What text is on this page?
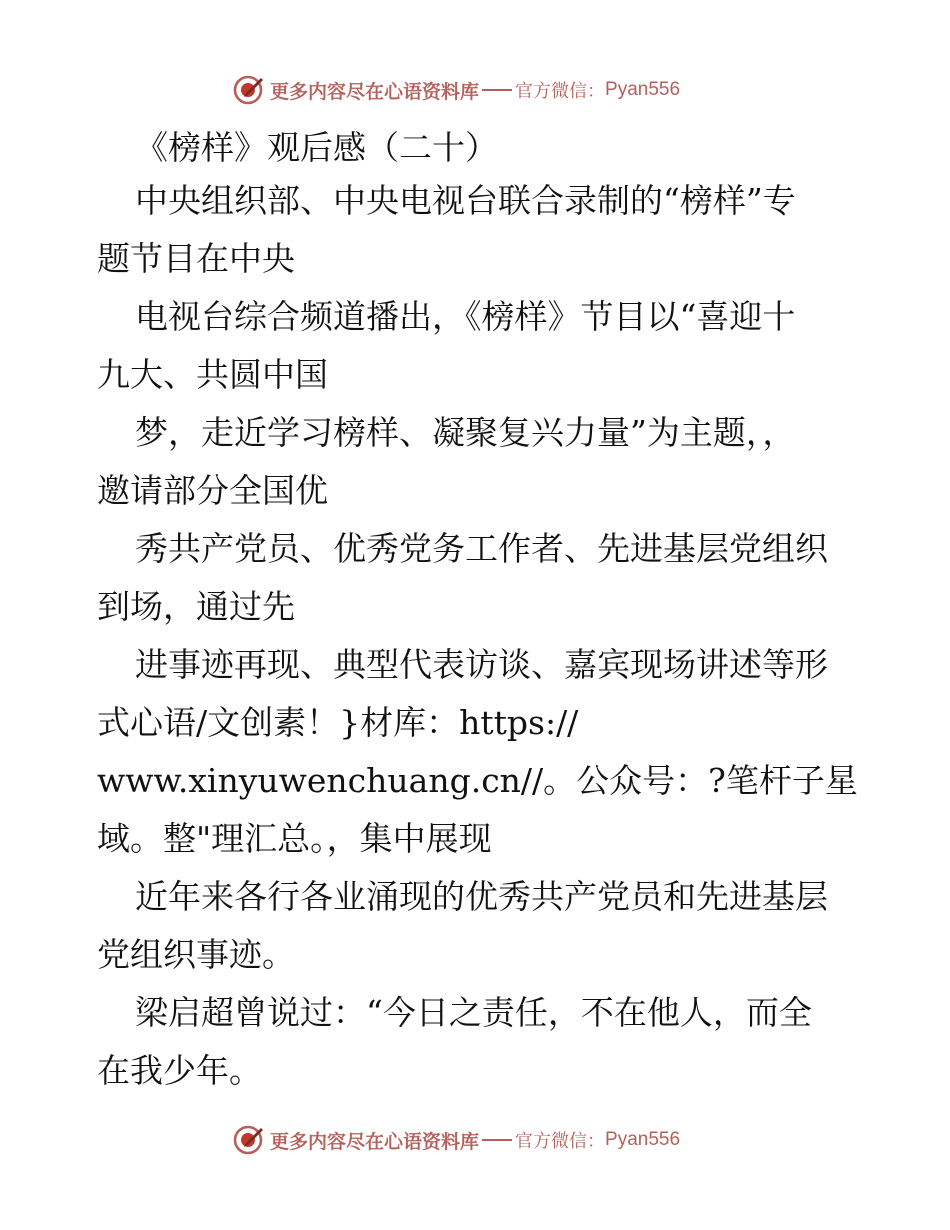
更多内容尽在心语资料库 官方微信： Pyan556
《榜样》观后感（二十）

中央组织部、中央电视台联合录制的“榜样”专

题节目在中央

电视台综合频道播出，《榜样》节目以“喜迎十

九大、共圆中国

梦，走近学习榜样、凝聚复兴力量”为主题，，

邀请部分全国优

秀共产党员、优秀党务工作者、先进基层党组织

到场，通过先

进事迹再现、典型代表访谈、嘉宾现场讲述等形

式心语/文创素！}材库：https://

www.xinyuwenchuang.cn//。公众号：?笔杆子星

域。整"理汇总。，集中展现

近年来各行各业涌现的优秀共产党员和先进基层

党组织事迹。

梁启超曾说过：“今日之责任，不在他人，而全

在我少年。

更多内容尽在心语资料库 官方微信： Pyan556
